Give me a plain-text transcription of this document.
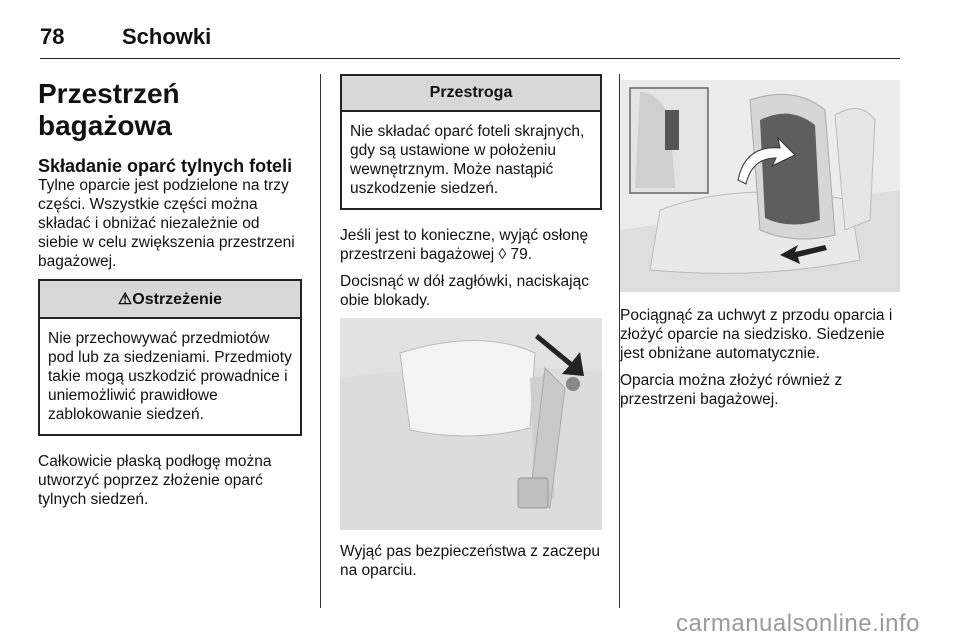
78	Schowki
Przestrzeń bagażowa
Składanie oparć tylnych foteli

Tylne oparcie jest podzielone na trzy części. Wszystkie części można składać i obniżać niezależnie od siebie w celu zwiększenia przestrzeni bagażowej.

⚠Ostrzeżenie
Nie przechowywać przedmiotów pod lub za siedzeniami. Przedmioty takie mogą uszkodzić prowadnice i uniemożliwić prawidłowe zablokowanie siedzeń.

Całkowicie płaską podłogę można utworzyć poprzez złożenie oparć tylnych siedzeń.

Przestroga
Nie składać oparć foteli skrajnych, gdy są ustawione w położeniu wewnętrznym. Może nastąpić uszkodzenie siedzeń.

Jeśli jest to konieczne, wyjąć osłonę przestrzeni bagażowej ◊ 79.

Docisnąć w dół zagłówki, naciskając obie blokady.

Wyjąć pas bezpieczeństwa z zaczepu na oparciu.

Pociągnąć za uchwyt z przodu oparcia i złożyć oparcie na siedzisko. Siedzenie jest obniżane automatycznie.

Oparcia można złożyć również z przestrzeni bagażowej.

carmanualsonline.info
